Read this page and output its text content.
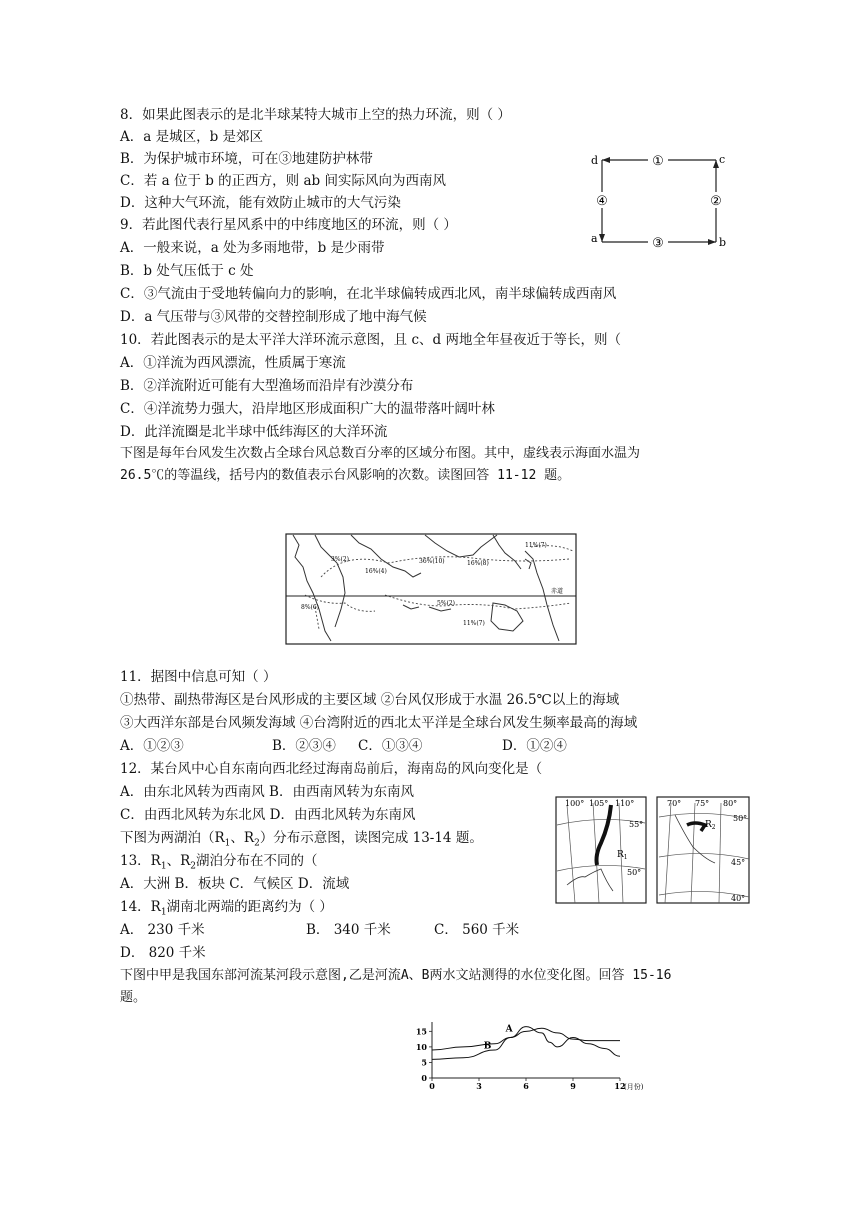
8．如果此图表示的是北半球某特大城市上空的热力环流，则（ ）
A．a 是城区，b 是郊区
B．为保护城市环境，可在③地建防护林带
C．若 a 位于 b 的正西方，则 ab 间实际风向为西南风
D．这种大气环流，能有效防止城市的大气污染
9．若此图代表行星风系中的中纬度地区的环流，则（ ）
A．一般来说，a 处为多雨地带，b 是少雨带
B．b 处气压低于 c 处
C．③气流由于受地转偏向力的影响，在北半球偏转成西北风，南半球偏转成西南风
D．a 气压带与③风带的交替控制形成了地中海气候
10．若此图表示的是太平洋大洋环流示意图，且 c、d 两地全年昼夜近于等长，则（
A．①洋流为西风漂流，性质属于寒流
B．②洋流附近可能有大型渔场而沿岸有沙漠分布
C．④洋流势力强大，沿岸地区形成面积广大的温带落叶阔叶林
D．此洋流圈是北半球中低纬海区的大洋环流
下图是每年台风发生次数占全球台风总数百分率的区域分布图。其中，虚线表示海面水温为
26.5℃的等温线，括号内的数值表示台风影响的次数。读图回答 11-12 题。
①
③
④	②
d	c
a	b
3%(2)
16%(4)
36%(10)	16%(8)
11%(7)
8%(6)
5%(2)
11%(7)
赤道
11．据图中信息可知（ ）
①热带、副热带海区是台风形成的主要区域 ②台风仅形成于水温 26.5℃以上的海域
③大西洋东部是台风频发海域 ④台湾附近的西北太平洋是全球台风发生频率最高的海域
A．①②③	B．②③④ C．①③④	D．①②④
12．某台风中心自东南向西北经过海南岛前后，海南岛的风向变化是（
A．由东北风转为西南风 B．由西南风转为东南风
C．由西北风转为东北风 D．由西北风转为东南风
下图为两湖泊（$R_1$、$R_2$）分布示意图，读图完成 13-14 题。
13．$R_1$、$R_2$湖泊分布在不同的（
A．大洲 B．板块 C．气候区 D．流域
14．$R_1$湖南北两端的距离约为（ ）
A． 230 千米	B． 340 千米	C． 560 千米
D． 820 千米
100° 105° 110°
55°
50°
$R_1$
70° 75° 80°
50°
45°
40°
$R_2$
下图中甲是我国东部河流某河段示意图,乙是河流A、B两水文站测得的水位变化图。回答 15-16
题。
0	3	6	9	12
(月份)
0
5
10
15	A
B
